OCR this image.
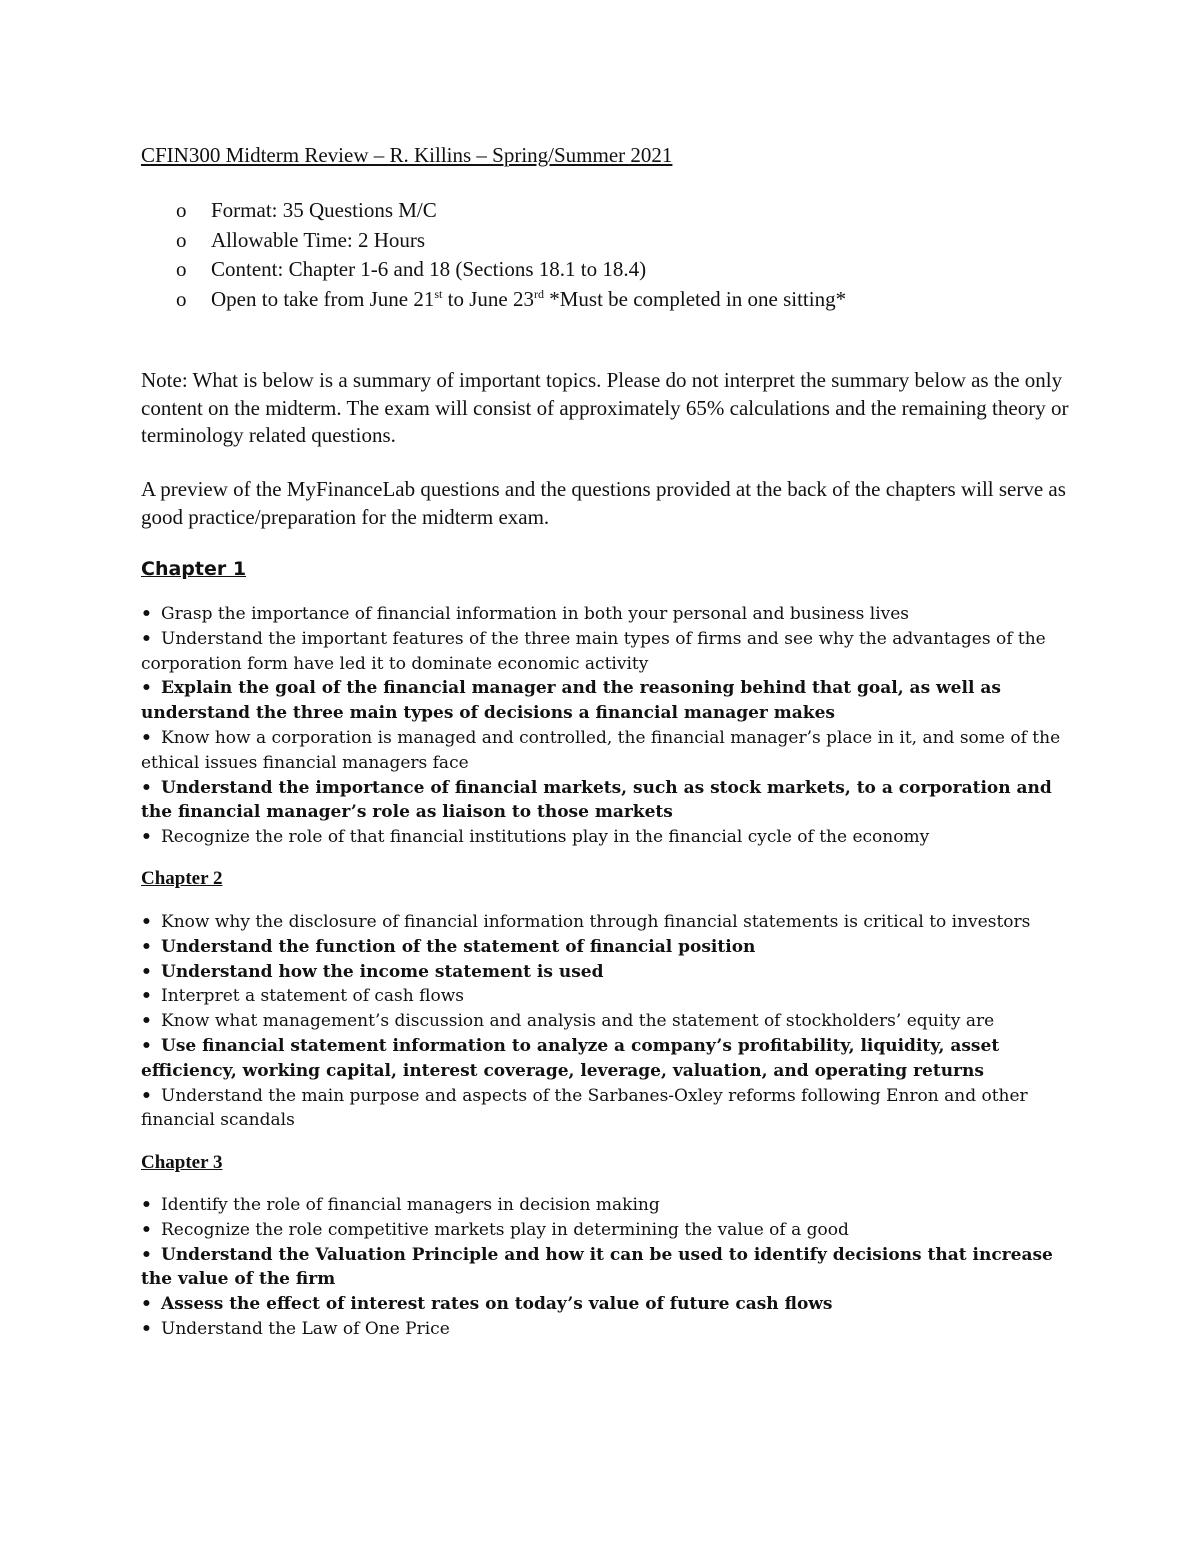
CFIN300 Midterm Review – R. Killins – Spring/Summer 2021
o Format: 35 Questions M/C
o Allowable Time: 2 Hours
o Content: Chapter 1-6 and 18 (Sections 18.1 to 18.4)
o Open to take from June 21st to June 23rd *Must be completed in one sitting*

Note: What is below is a summary of important topics. Please do not interpret the summary below as the only content on the midterm. The exam will consist of approximately 65% calculations and the remaining theory or terminology related questions.

A preview of the MyFinanceLab questions and the questions provided at the back of the chapters will serve as good practice/preparation for the midterm exam.

Chapter 1
• Grasp the importance of financial information in both your personal and business lives
• Understand the important features of the three main types of firms and see why the advantages of the corporation form have led it to dominate economic activity
• Explain the goal of the financial manager and the reasoning behind that goal, as well as understand the three main types of decisions a financial manager makes
• Know how a corporation is managed and controlled, the financial manager’s place in it, and some of the ethical issues financial managers face
• Understand the importance of financial markets, such as stock markets, to a corporation and the financial manager’s role as liaison to those markets
• Recognize the role of that financial institutions play in the financial cycle of the economy
Chapter 2
• Know why the disclosure of financial information through financial statements is critical to investors
• Understand the function of the statement of financial position
• Understand how the income statement is used
• Interpret a statement of cash flows
• Know what management’s discussion and analysis and the statement of stockholders’ equity are
• Use financial statement information to analyze a company’s profitability, liquidity, asset efficiency, working capital, interest coverage, leverage, valuation, and operating returns
• Understand the main purpose and aspects of the Sarbanes-Oxley reforms following Enron and other financial scandals
Chapter 3
• Identify the role of financial managers in decision making
• Recognize the role competitive markets play in determining the value of a good
• Understand the Valuation Principle and how it can be used to identify decisions that increase the value of the firm
• Assess the effect of interest rates on today’s value of future cash flows
• Understand the Law of One Price
